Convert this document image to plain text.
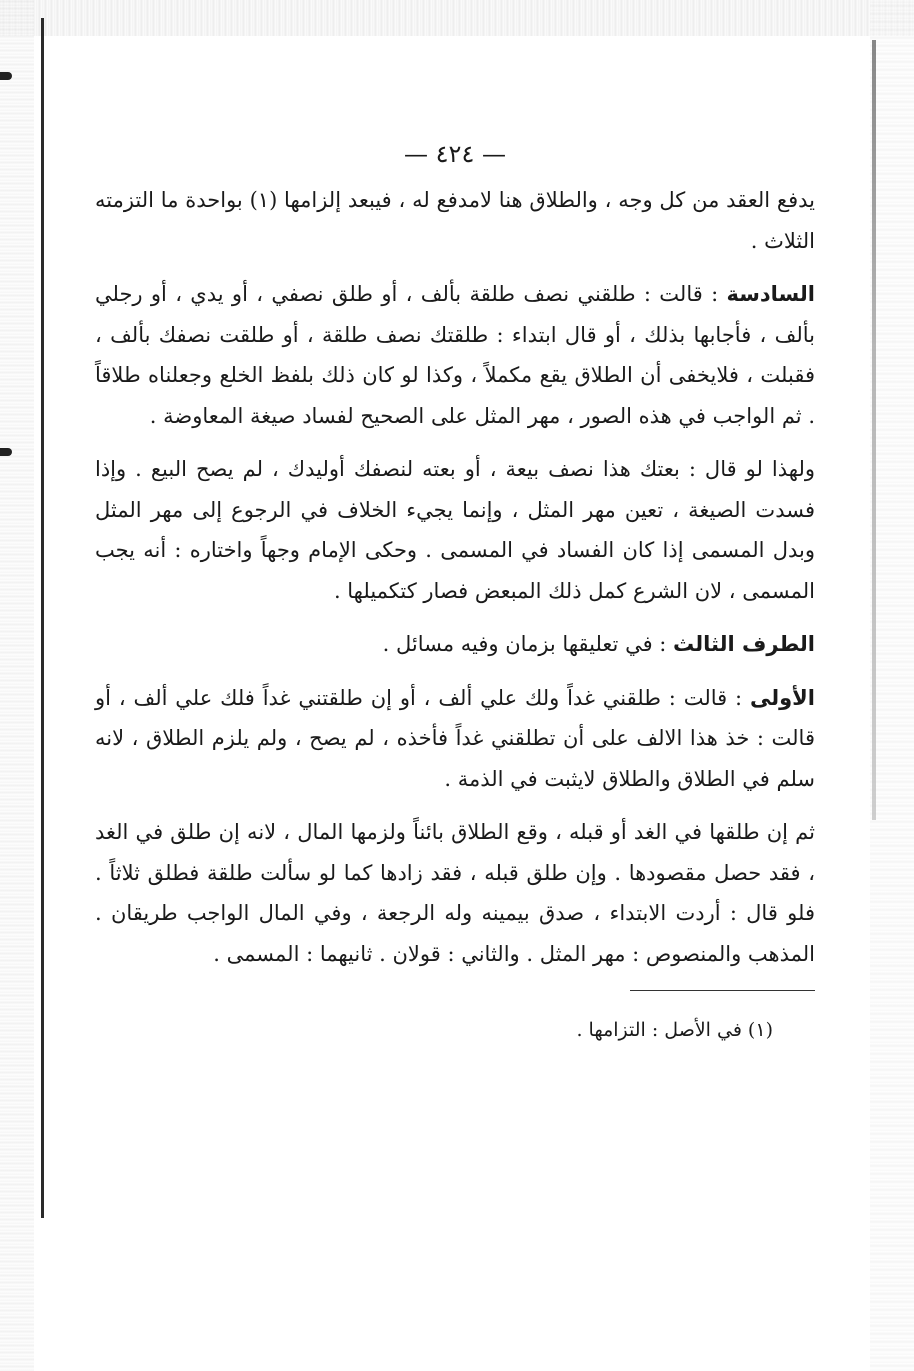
— ٤٢٤ —

يدفع العقد من كل وجه ، والطلاق هنا لامدفع له ، فيبعد إلزامها (١) بواحدة ما التزمته الثلاث .

السادسة : قالت : طلقني نصف طلقة بألف ، أو طلق نصفي ، أو يدي ، أو رجلي بألف ، فأجابها بذلك ، أو قال ابتداء : طلقتك نصف طلقة ، أو طلقت نصفك بألف ، فقبلت ، فلايخفى أن الطلاق يقع مكملاً ، وكذا لو كان ذلك بلفظ الخلع وجعلناه طلاقاً . ثم الواجب في هذه الصور ، مهر المثل على الصحيح لفساد صيغة المعاوضة .

ولهذا لو قال : بعتك هذا نصف بيعة ، أو بعته لنصفك أوليدك ، لم يصح البيع . وإذا فسدت الصيغة ، تعين مهر المثل ، وإنما يجيء الخلاف في الرجوع إلى مهر المثل وبدل المسمى إذا كان الفساد في المسمى . وحكى الإمام وجهاً واختاره : أنه يجب المسمى ، لان الشرع كمل ذلك المبعض فصار كتكميلها .

الطرف الثالث : في تعليقها بزمان وفيه مسائل .

الأولى : قالت : طلقني غداً ولك علي ألف ، أو إن طلقتني غداً فلك علي ألف ، أو قالت : خذ هذا الالف على أن تطلقني غداً فأخذه ، لم يصح ، ولم يلزم الطلاق ، لانه سلم في الطلاق والطلاق لايثبت في الذمة .

ثم إن طلقها في الغد أو قبله ، وقع الطلاق بائناً ولزمها المال ، لانه إن طلق في الغد ، فقد حصل مقصودها . وإن طلق قبله ، فقد زادها كما لو سألت طلقة فطلق ثلاثاً . فلو قال : أردت الابتداء ، صدق بيمينه وله الرجعة ، وفي المال الواجب طريقان . المذهب والمنصوص : مهر المثل . والثاني : قولان . ثانيهما : المسمى .

(١) في الأصل : التزامها .
